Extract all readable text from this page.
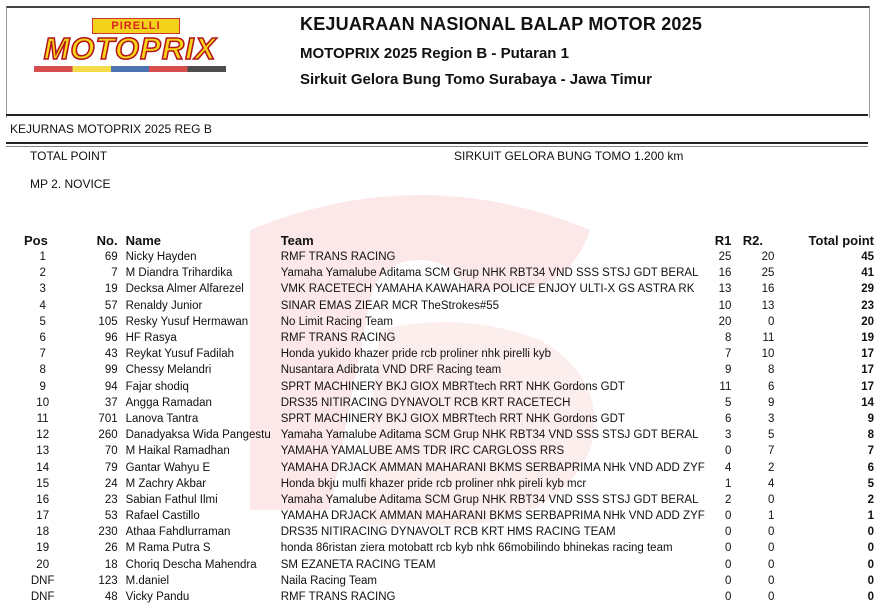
PIRELLI
MOTOPRIX
KEJUARAAN NASIONAL BALAP MOTOR 2025
MOTOPRIX 2025 Region B - Putaran 1
Sirkuit Gelora Bung Tomo Surabaya - Jawa Timur
KEJURNAS MOTOPRIX 2025 REG B
TOTAL POINT	SIRKUIT GELORA BUNG TOMO 1.200 km
MP 2. NOVICE
Pos	No.	Name	Team	R1	R2.	Total point
1	69	Nicky Hayden	RMF TRANS RACING	25	20	45
2	7	M Diandra Trihardika	Yamaha Yamalube Aditama SCM Grup NHK RBT34 VND SSS STSJ GDT BERAL	16	25	41
3	19	Decksa Almer Alfarezel	VMK RACETECH YAMAHA KAWAHARA POLICE ENJOY ULTI-X GS ASTRA RK	13	16	29
4	57	Renaldy Junior	SINAR EMAS ZIEAR MCR TheStrokes#55	10	13	23
5	105	Resky Yusuf Hermawan	No Limit Racing Team	20	0	20
6	96	HF Rasya	RMF TRANS RACING	8	11	19
7	43	Reykat Yusuf Fadilah	Honda yukido khazer pride rcb proliner nhk pirelli kyb	7	10	17
8	99	Chessy Melandri	Nusantara Adibrata VND DRF Racing team	9	8	17
9	94	Fajar shodiq	SPRT MACHINERY BKJ GIOX MBRTtech RRT NHK Gordons GDT	11	6	17
10	37	Angga Ramadan	DRS35 NITIRACING DYNAVOLT RCB KRT RACETECH	5	9	14
11	701	Lanova Tantra	SPRT MACHINERY BKJ GIOX MBRTtech RRT NHK Gordons GDT	6	3	9
12	260	Danadyaksa Wida Pangestu	Yamaha Yamalube Aditama SCM Grup NHK RBT34 VND SSS STSJ GDT BERAL	3	5	8
13	70	M Haikal Ramadhan	YAMAHA YAMALUBE AMS TDR IRC CARGLOSS RRS	0	7	7
14	79	Gantar Wahyu E	YAMAHA DRJACK AMMAN MAHARANI BKMS SERBAPRIMA NHk VND ADD ZYF	4	2	6
15	24	M Zachry Akbar	Honda bkju mulfi khazer pride rcb proliner nhk pireli kyb mcr	1	4	5
16	23	Sabian Fathul Ilmi	Yamaha Yamalube Aditama SCM Grup NHK RBT34 VND SSS STSJ GDT BERAL	2	0	2
17	53	Rafael Castillo	YAMAHA DRJACK AMMAN MAHARANI BKMS SERBAPRIMA NHk VND ADD ZYF	0	1	1
18	230	Athaa Fahdlurraman	DRS35 NITIRACING DYNAVOLT RCB KRT HMS RACING TEAM	0	0	0
19	26	M Rama Putra S	honda 86ristan ziera motobatt rcb kyb nhk 66mobilindo bhinekas racing team	0	0	0
20	18	Choriq Descha Mahendra	SM EZANETA RACING TEAM	0	0	0
DNF	123	M.daniel	Naila Racing Team	0	0	0
DNF	48	Vicky Pandu	RMF TRANS RACING	0	0	0
